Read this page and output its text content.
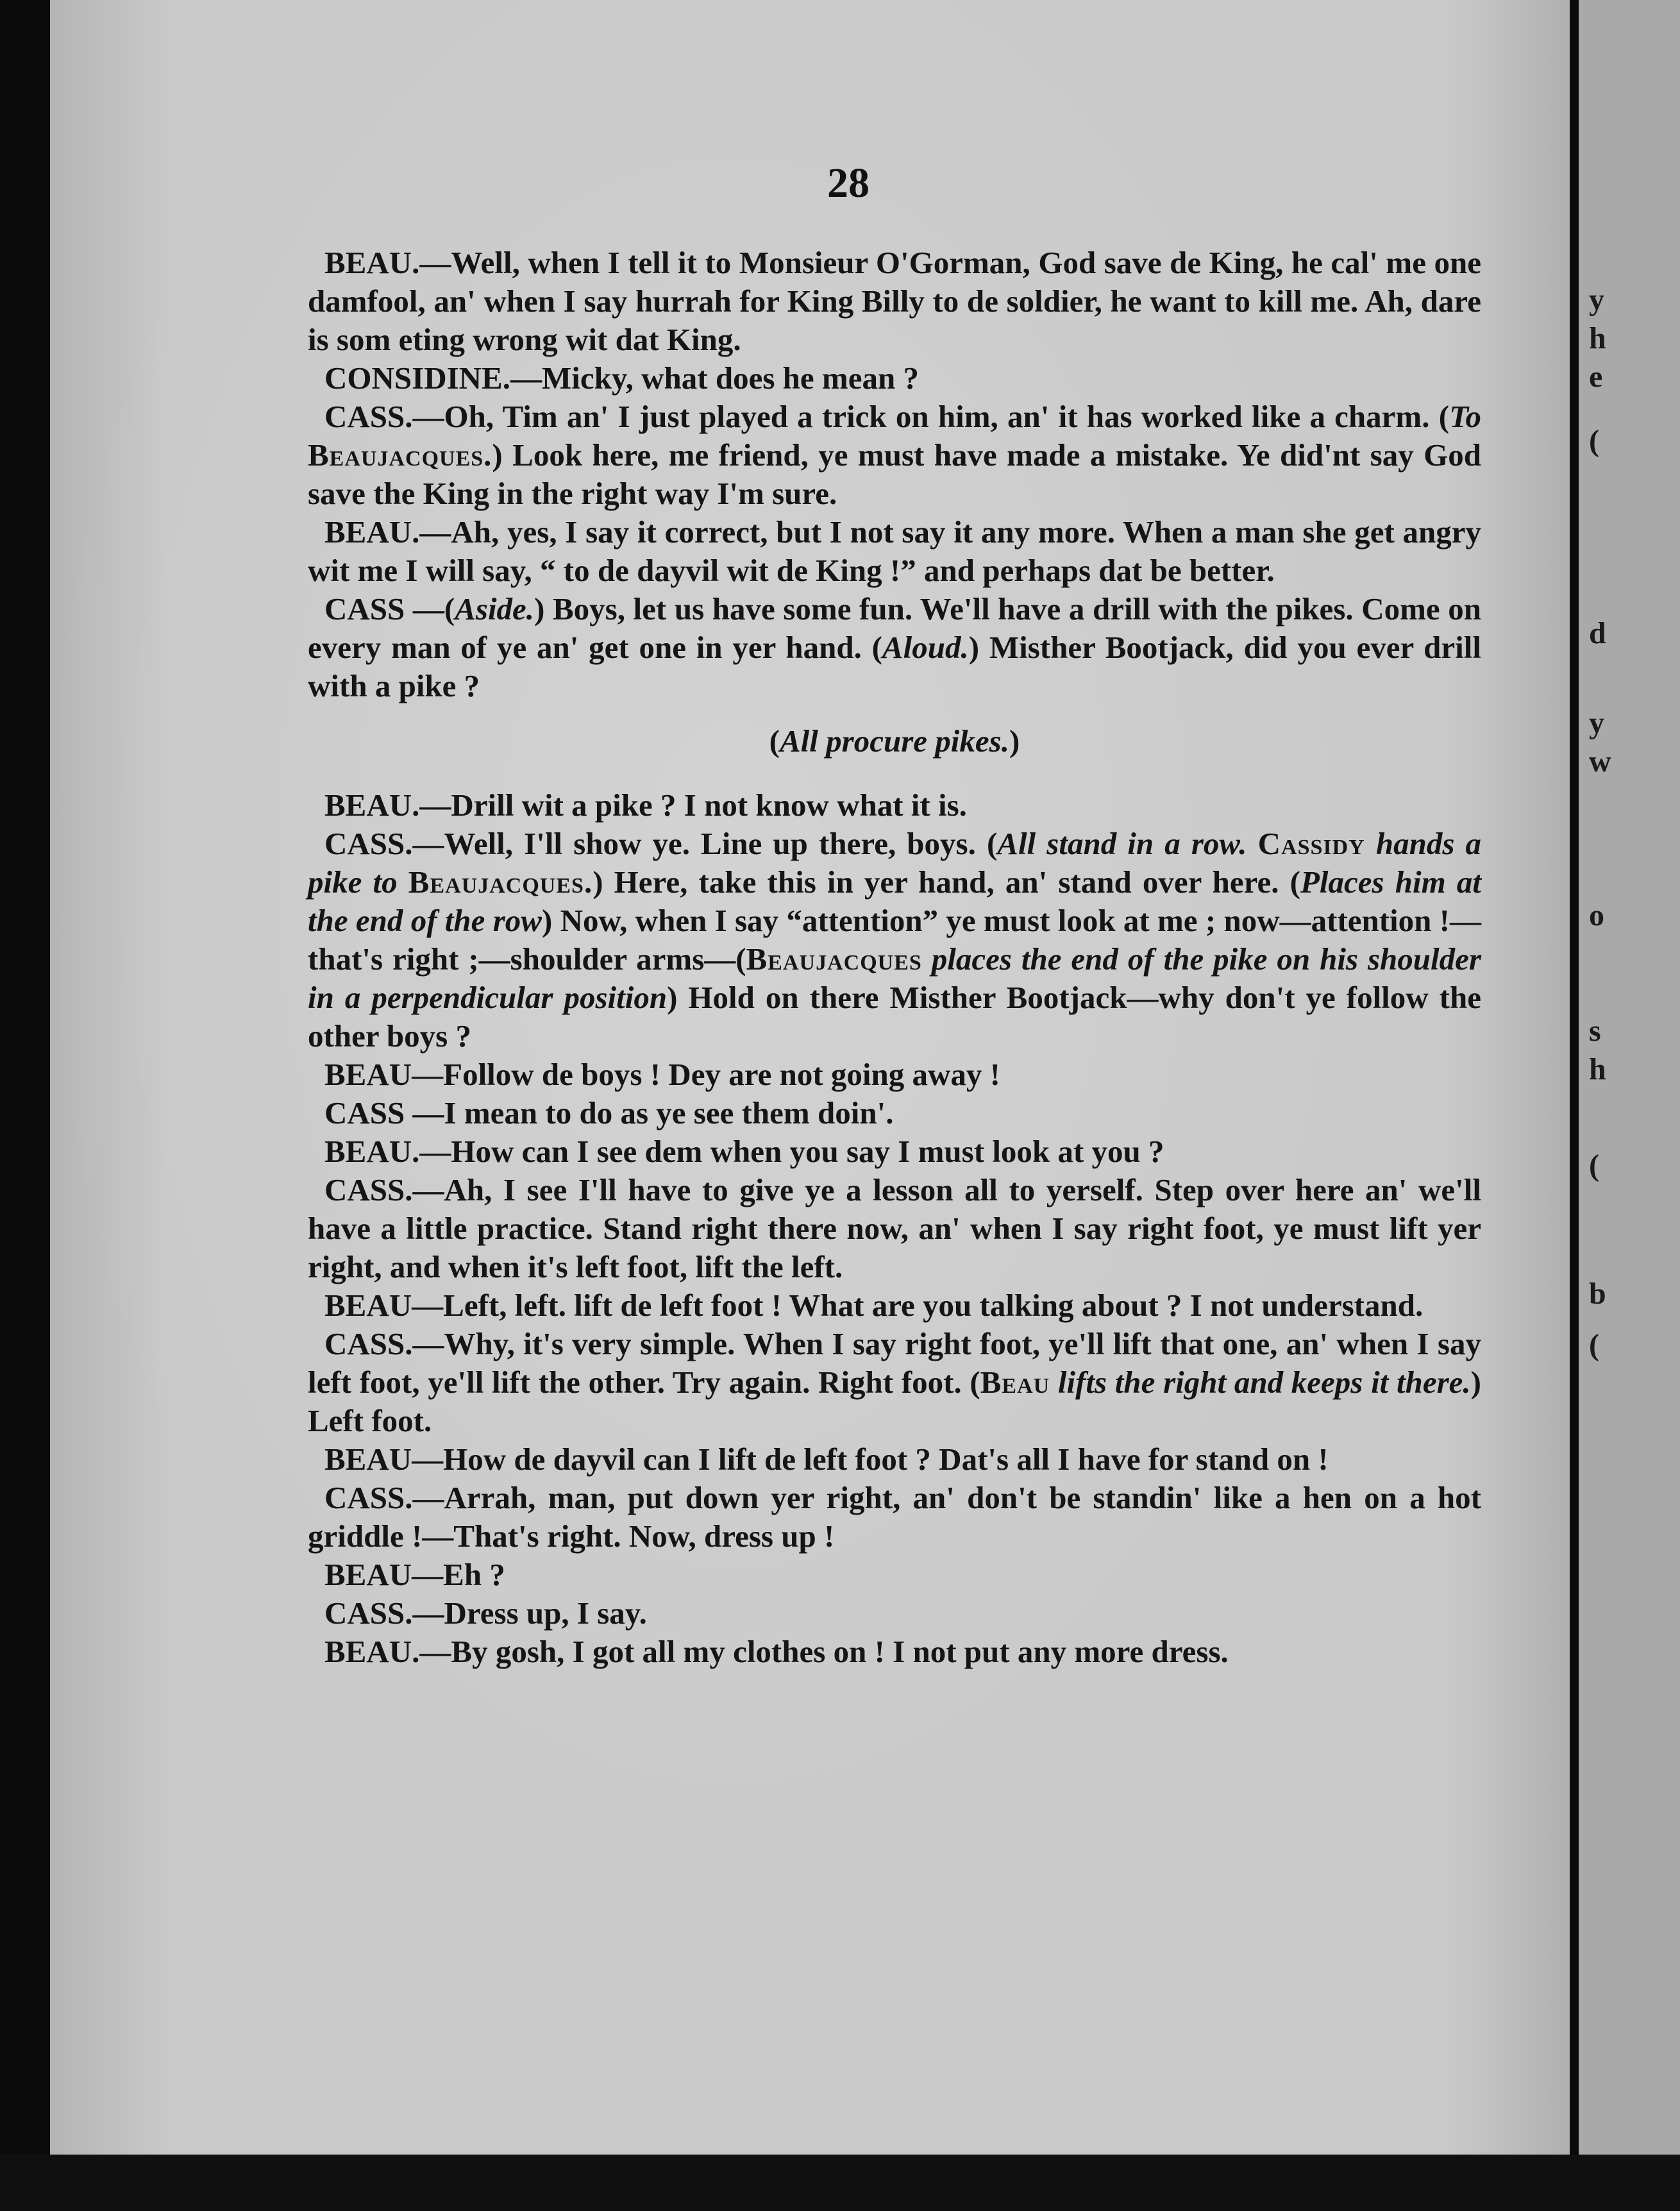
28

BEAU.—Well, when I tell it to Monsieur O'Gorman, God save de King, he cal' me one damfool, an' when I say hurrah for King Billy to de soldier, he want to kill me. Ah, dare is som eting wrong wit dat King.

CONSIDINE.—Micky, what does he mean ?

CASS.—Oh, Tim an' I just played a trick on him, an' it has worked like a charm. (To Beaujacques.) Look here, me friend, ye must have made a mistake. Ye did'nt say God save the King in the right way I'm sure.

BEAU.—Ah, yes, I say it correct, but I not say it any more. When a man she get angry wit me I will say, “ to de dayvil wit de King !” and perhaps dat be better.

CASS —(Aside.) Boys, let us have some fun. We'll have a drill with the pikes. Come on every man of ye an' get one in yer hand. (Aloud.) Misther Bootjack, did you ever drill with a pike ?

(All procure pikes.)

BEAU.—Drill wit a pike ? I not know what it is.

CASS.—Well, I'll show ye. Line up there, boys. (All stand in a row. Cassidy hands a pike to Beaujacques.) Here, take this in yer hand, an' stand over here. (Places him at the end of the row) Now, when I say “attention” ye must look at me ; now—attention !—that's right ;—shoulder arms—(Beaujacques places the end of the pike on his shoulder in a perpendicular position) Hold on there Misther Bootjack—why don't ye follow the other boys ?

BEAU—Follow de boys ! Dey are not going away !

CASS —I mean to do as ye see them doin'.

BEAU.—How can I see dem when you say I must look at you ?

CASS.—Ah, I see I'll have to give ye a lesson all to yerself. Step over here an' we'll have a little practice. Stand right there now, an' when I say right foot, ye must lift yer right, and when it's left foot, lift the left.

BEAU—Left, left. lift de left foot ! What are you talking about ? I not understand.

CASS.—Why, it's very simple. When I say right foot, ye'll lift that one, an' when I say left foot, ye'll lift the other. Try again. Right foot. (Beau lifts the right and keeps it there.) Left foot.

BEAU—How de dayvil can I lift de left foot ? Dat's all I have for stand on !

CASS.—Arrah, man, put down yer right, an' don't be standin' like a hen on a hot griddle !—That's right. Now, dress up !

BEAU—Eh ?

CASS.—Dress up, I say.

BEAU.—By gosh, I got all my clothes on ! I not put any more dress.

y
h
e
(
d
y
w
o
s
h
(
b
(
